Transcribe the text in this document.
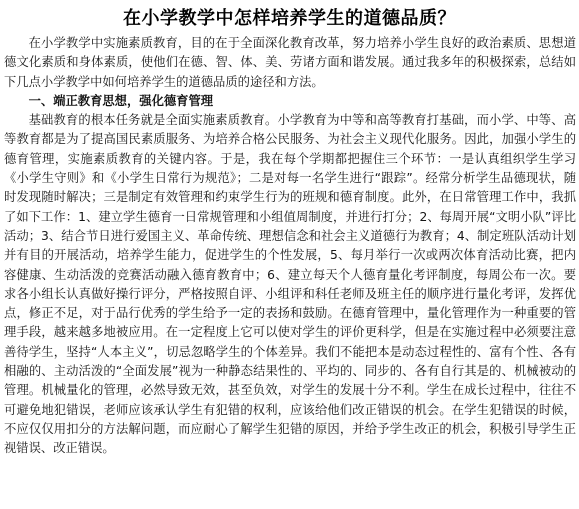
在小学教学中怎样培养学生的道德品质？

在小学教学中实施素质教育，目的在于全面深化教育改革，努力培养小学生良好的政治素质、思想道德文化素质和身体素质，使他们在德、智、体、美、劳诸方面和谐发展。通过我多年的积极探索，总结如下几点小学教学中如何培养学生的道德品质的途径和方法。

一、端正教育思想，强化德育管理

基础教育的根本任务就是全面实施素质教育。小学教育为中等和高等教育打基础，而小学、中等、高等教育都是为了提高国民素质服务、为培养合格公民服务、为社会主义现代化服务。因此，加强小学生的德育管理，实施素质教育的关键内容。于是，我在每个学期都把握住三个环节：一是认真组织学生学习《小学生守则》和《小学生日常行为规范》；二是对每一名学生进行“跟踪”。经常分析学生品德现状，随时发现随时解决；三是制定有效管理和约束学生行为的班规和德育制度。此外，在日常管理工作中，我抓了如下工作：1、建立学生德育一日常规管理和小组值周制度，并进行打分；2、每周开展“文明小队”评比活动；3、结合节日进行爱国主义、革命传统、理想信念和社会主义道德行为教育；4、制定班队活动计划并有目的开展活动，培养学生能力，促进学生的个性发展，5、每月举行一次或两次体育活动比赛，把内容健康、生动活泼的竞赛活动融入德育教育中；6、建立每天个人德育量化考评制度，每周公布一次。要求各小组长认真做好操行评分，严格按照自评、小组评和科任老师及班主任的顺序进行量化考评，发挥优点，修正不足，对于品行优秀的学生给予一定的表扬和鼓励。在德育管理中，量化管理作为一种重要的管理手段，越来越多地被应用。在一定程度上它可以使对学生的评价更科学，但是在实施过程中必须要注意善待学生，坚持“人本主义”，切忌忽略学生的个体差异。我们不能把本是动态过程性的、富有个性、各有相融的、主动活泼的“全面发展”视为一种静态结果性的、平均的、同步的、各有自行其是的、机械被动的管理。机械量化的管理，必然导致无效，甚至负效，对学生的发展十分不利。学生在成长过程中，往往不可避免地犯错误，老师应该承认学生有犯错的权利，应该给他们改正错误的机会。在学生犯错误的时候，不应仅仅用扣分的方法解问题，而应耐心了解学生犯错的原因，并给予学生改正的机会，积极引导学生正视错误、改正错误。
